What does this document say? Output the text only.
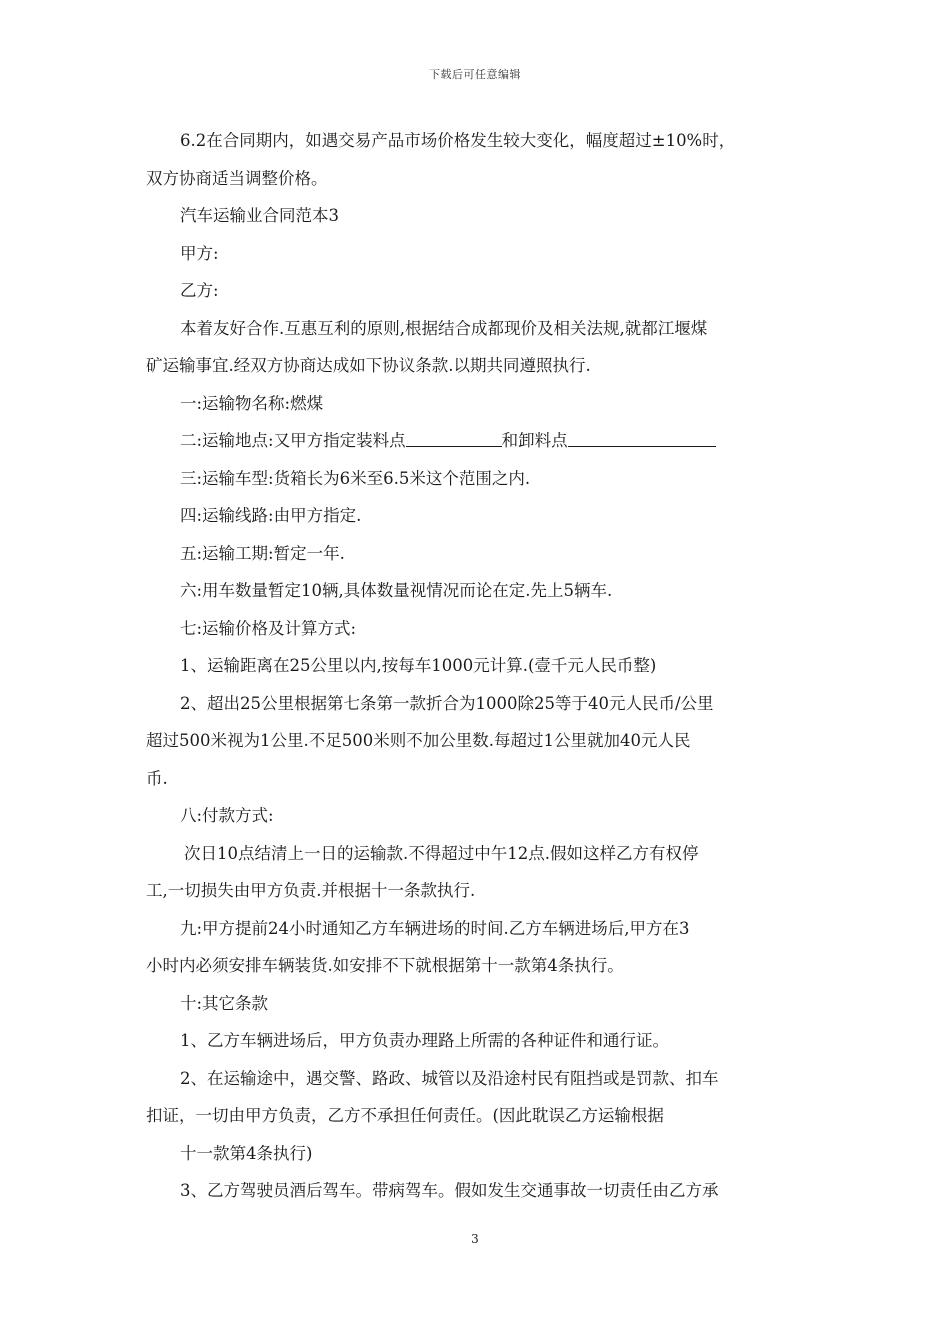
下载后可任意编辑
6.2在合同期内，如遇交易产品市场价格发生较大变化，幅度超过±10%时，
双方协商适当调整价格。
汽车运输业合同范本3
甲方:
乙方:
本着友好合作.互惠互利的原则,根据结合成都现价及相关法规,就都江堰煤
矿运输事宜.经双方协商达成如下协议条款.以期共同遵照执行.
一:运输物名称:燃煤
二:运输地点:又甲方指定装料点	和卸料点
三:运输车型:货箱长为6米至6.5米这个范围之内.
四:运输线路:由甲方指定.
五:运输工期:暂定一年.
六:用车数量暂定10辆,具体数量视情况而论在定.先上5辆车.
七:运输价格及计算方式:
1、运输距离在25公里以内,按每车1000元计算.(壹千元人民币整)
2、超出25公里根据第七条第一款折合为1000除25等于40元人民币/公里
超过500米视为1公里.不足500米则不加公里数.每超过1公里就加40元人民
币.
八:付款方式:
次日10点结清上一日的运输款.不得超过中午12点.假如这样乙方有权停
工,一切损失由甲方负责.并根据十一条款执行.
九:甲方提前24小时通知乙方车辆进场的时间.乙方车辆进场后,甲方在3
小时内必须安排车辆装货.如安排不下就根据第十一款第4条执行。
十:其它条款
1、乙方车辆进场后，甲方负责办理路上所需的各种证件和通行证。
2、在运输途中，遇交警、路政、城管以及沿途村民有阻挡或是罚款、扣车
扣证，一切由甲方负责，乙方不承担任何责任。(因此耽误乙方运输根据
十一款第4条执行)
3、乙方驾驶员酒后驾车。带病驾车。假如发生交通事故一切责任由乙方承
3
